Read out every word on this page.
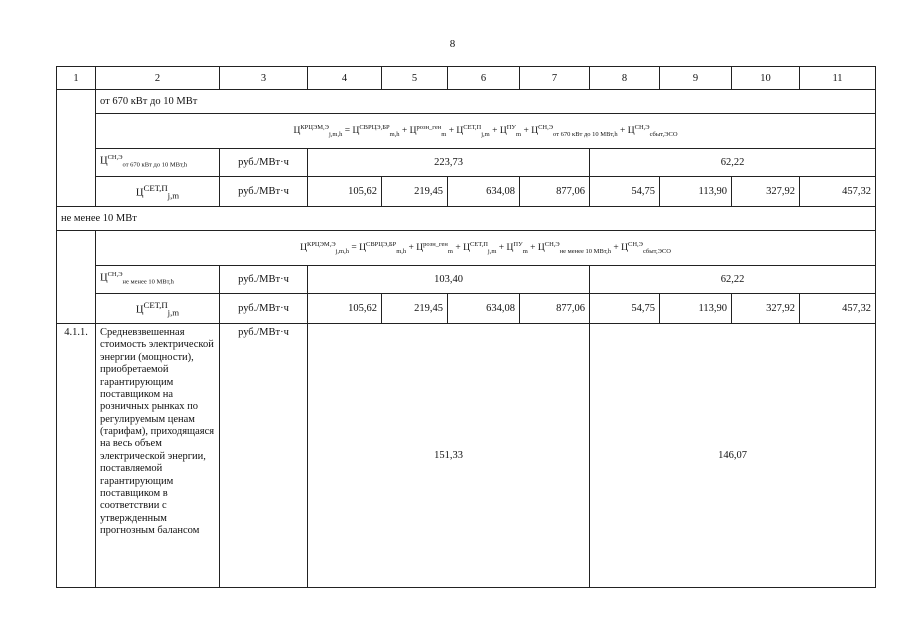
8
1	2	3	4	5	6	7	8	9	10	11
	от 670 кВт до 10 МВт									
	$Ц^{КРЦЭМ,Э}_{j,m,h} = Ц^{СВРЦЭ,БР}_{m,h} + Ц^{розн\_ген}_m + Ц^{СЕТ,П}_{j,m} + Ц^{ПУ}_m + Ц^{СН,Э}_{от 670 кВт до 10 МВт,h} + Ц^{СН,Э}_{сбыт,ЭСО}$
	$Ц^{СН,Э}_{от 670 кВт до 10 МВт,h}$	руб./МВт·ч	223,73				62,22			
	$Ц^{СЕТ,П}_{j,m}$	руб./МВт·ч	105,62	219,45	634,08	877,06	54,75	113,90	327,92	457,32
не менее 10 МВт										
	$Ц^{КРЦЭМ,Э}_{j,m,h} = Ц^{СВРЦЭ,БР}_{m,h} + Ц^{розн\_ген}_m + Ц^{СЕТ,П}_{j,m} + Ц^{ПУ}_m + Ц^{СН,Э}_{не менее 10 МВт,h} + Ц^{СН,Э}_{сбыт,ЭСО}$
	$Ц^{СН,Э}_{не менее 10 МВт,h}$	руб./МВт·ч	103,40				62,22			
	$Ц^{СЕТ,П}_{j,m}$	руб./МВт·ч	105,62	219,45	634,08	877,06	54,75	113,90	327,92	457,32
4.1.1.	Средневзвешенная стоимость электрической энергии (мощности), приобретаемой гарантирующим поставщиком на розничных рынках по регулируемым ценам (тарифам), приходящаяся на весь объем электрической энергии, поставляемой гарантирующим поставщиком в соответствии с утвержденным прогнозным балансом	руб./МВт·ч	151,33				146,07			
